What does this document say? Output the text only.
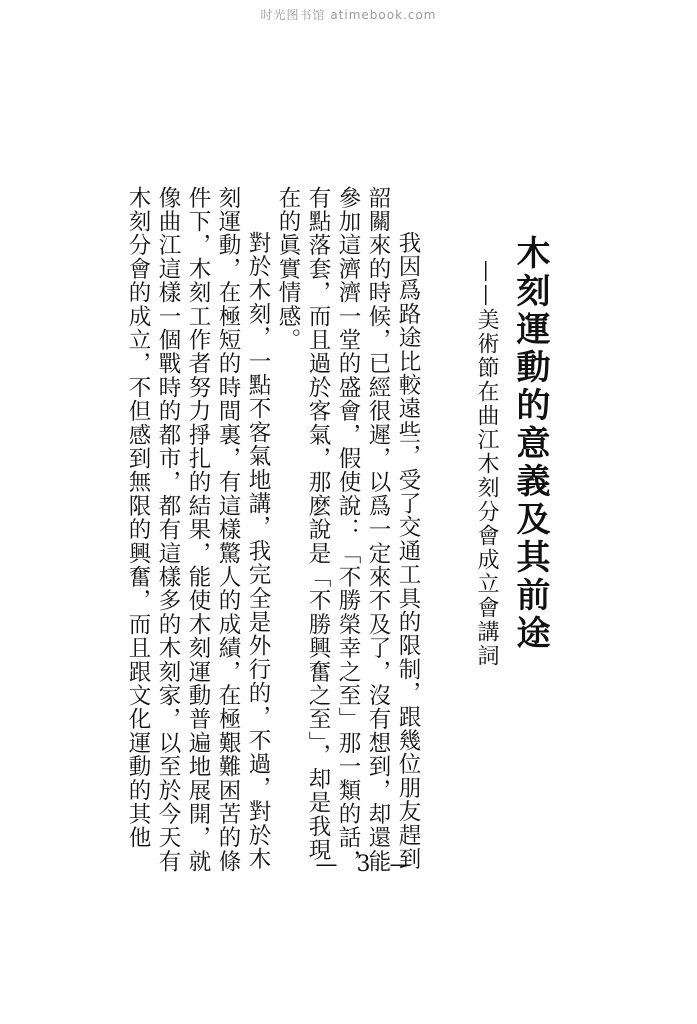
时光图书馆 atimebook.com
木刻運動的意義及其前途
——美術節在曲江木刻分會成立會講詞

我因爲路途比較遠些，受了交通工具的限制，跟幾位朋友趕到韶關來的時候，已經很遲，以爲一定來不及了，沒有想到，却還能參加這濟濟一堂的盛會，假使說：「不勝榮幸之至」那一類的話，有點落套，而且過於客氣，那麽說是「不勝興奮之至」，却是我現在的眞實情感。

對於木刻，一點不客氣地講，我完全是外行的，不過，對於木刻運動，在極短的時間裏，有這樣驚人的成績，在極艱難困苦的條件下，木刻工作者努力掙扎的結果，能使木刻運動普遍地展開，就像曲江這樣一個戰時的都市，都有這樣多的木刻家，以至於今天有木刻分會的成立，不但感到無限的興奮，而且跟文化運動的其他

— 3 —
